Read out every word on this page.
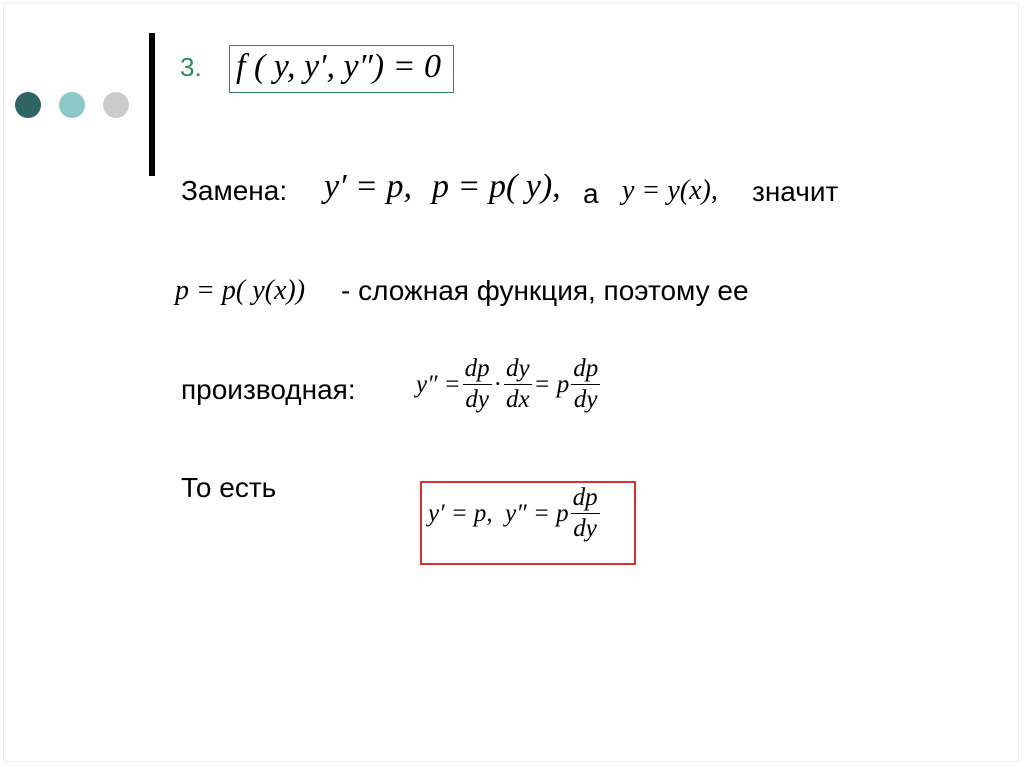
3. f ( y, y′, y″) = 0
Замена: y′ = p, p = p( y), а y = y(x), значит
p = p( y(x)) - сложная функция, поэтому ее
производная: $y'' = \frac{dp}{dy} \cdot \frac{dy}{dx} = p \frac{dp}{dy}$
То есть
y′ = p,  y″ = p $\frac{dp}{dy}$
